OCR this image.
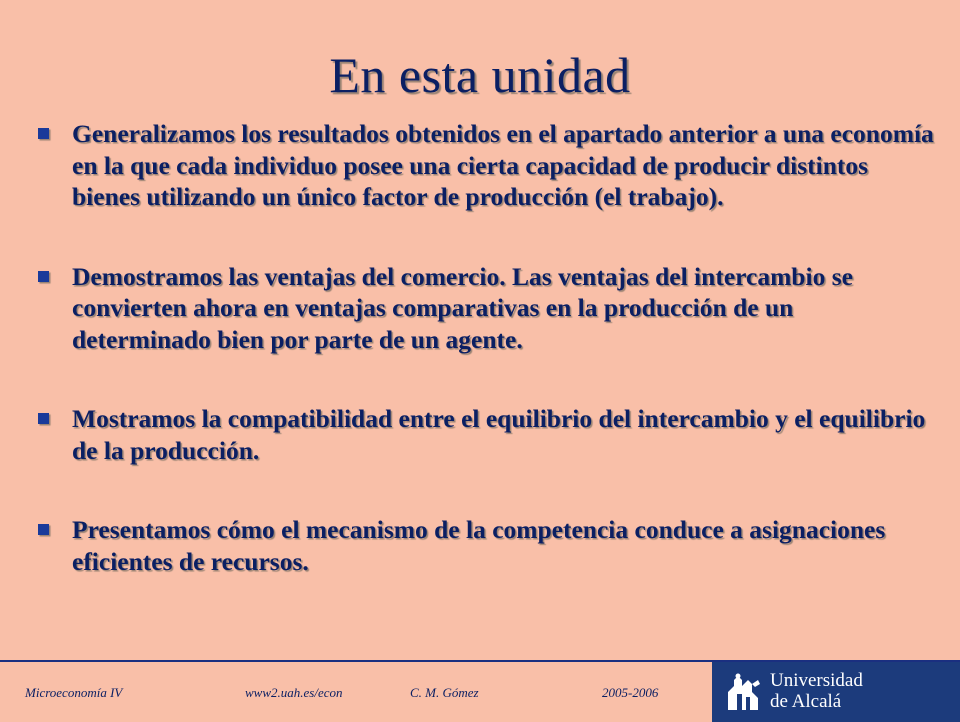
En esta unidad
Generalizamos los resultados obtenidos en el apartado anterior a una economía en la que cada individuo posee una cierta capacidad de producir distintos bienes utilizando un único factor de producción (el trabajo).
Demostramos las ventajas del comercio. Las ventajas del intercambio se convierten ahora en ventajas comparativas en la producción de un determinado bien por parte de un agente.
Mostramos la compatibilidad entre el equilibrio del intercambio y el equilibrio de la producción.
Presentamos cómo el mecanismo de la competencia conduce a asignaciones eficientes de recursos.
Microeconomía IV	www2.uah.es/econ	C. M. Gómez	2005-2006
Universidad
de Alcalá
